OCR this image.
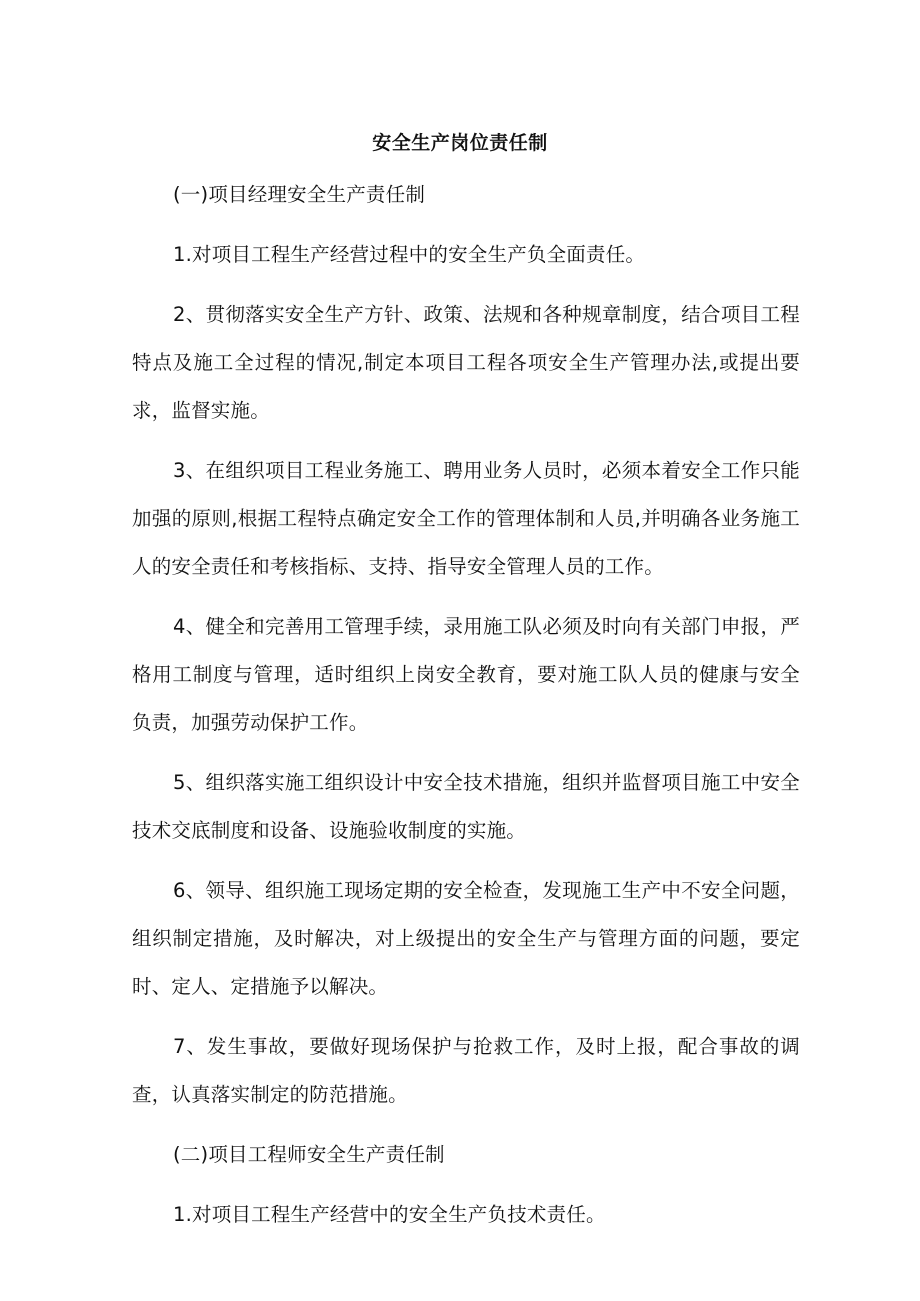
安全生产岗位责任制

(一)项目经理安全生产责任制

1.对项目工程生产经营过程中的安全生产负全面责任。

2、贯彻落实安全生产方针、政策、法规和各种规章制度，结合项目工程特点及施工全过程的情况,制定本项目工程各项安全生产管理办法,或提出要求，监督实施。

3、在组织项目工程业务施工、聘用业务人员时，必须本着安全工作只能加强的原则,根据工程特点确定安全工作的管理体制和人员,并明确各业务施工人的安全责任和考核指标、支持、指导安全管理人员的工作。

4、健全和完善用工管理手续，录用施工队必须及时向有关部门申报，严格用工制度与管理，适时组织上岗安全教育，要对施工队人员的健康与安全负责，加强劳动保护工作。

5、组织落实施工组织设计中安全技术措施，组织并监督项目施工中安全技术交底制度和设备、设施验收制度的实施。

6、领导、组织施工现场定期的安全检查，发现施工生产中不安全问题，组织制定措施，及时解决，对上级提出的安全生产与管理方面的问题，要定时、定人、定措施予以解决。

7、发生事故，要做好现场保护与抢救工作，及时上报，配合事故的调查，认真落实制定的防范措施。

(二)项目工程师安全生产责任制

1.对项目工程生产经营中的安全生产负技术责任。
